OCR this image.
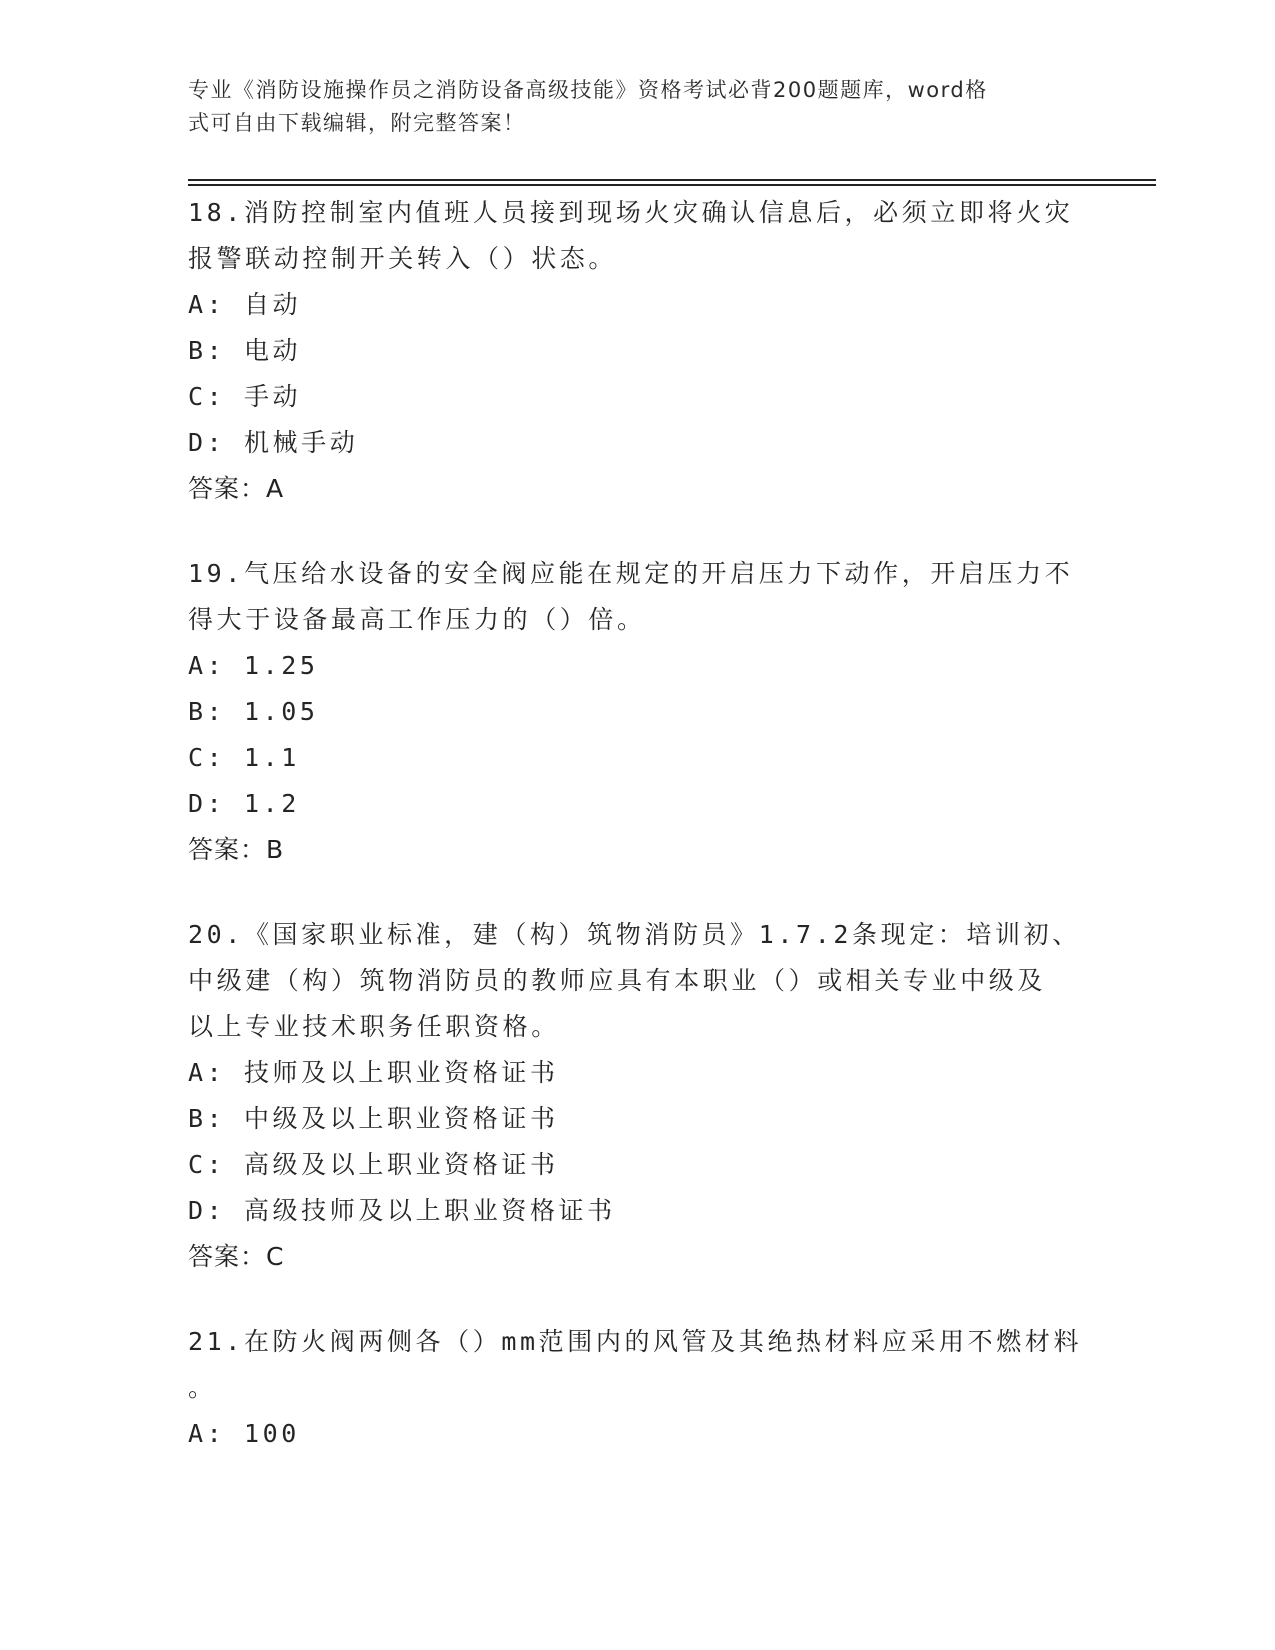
专业《消防设施操作员之消防设备高级技能》资格考试必背200题题库，word格
式可自由下载编辑，附完整答案！
18.消防控制室内值班人员接到现场火灾确认信息后，必须立即将火灾
报警联动控制开关转入（）状态。
A: 自动
B: 电动
C: 手动
D: 机械手动
答案：A
19.气压给水设备的安全阀应能在规定的开启压力下动作，开启压力不
得大于设备最高工作压力的（）倍。
A: 1.25
B: 1.05
C: 1.1
D: 1.2
答案：B
20.《国家职业标准，建（构）筑物消防员》1.7.2条现定：培训初、
中级建（构）筑物消防员的教师应具有本职业（）或相关专业中级及
以上专业技术职务任职资格。
A: 技师及以上职业资格证书
B: 中级及以上职业资格证书
C: 高级及以上职业资格证书
D: 高级技师及以上职业资格证书
答案：C
21.在防火阀两侧各（）mm范围内的风管及其绝热材料应采用不燃材料
。
A: 100
